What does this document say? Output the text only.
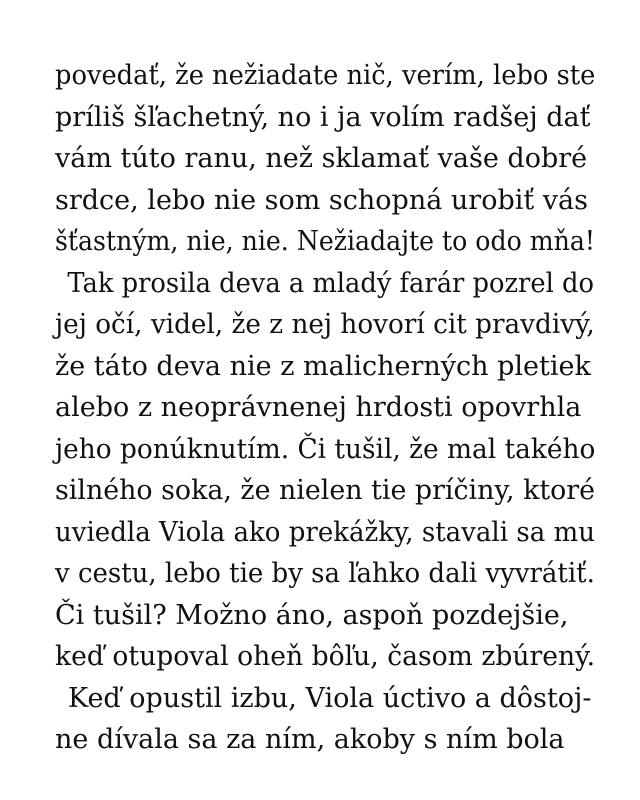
povedať, že nežiadate nič, verím, lebo ste
príliš šľachetný, no i ja volím radšej dať
vám túto ranu, než sklamať vaše dobré
srdce, lebo nie som schopná urobiť vás
šťastným, nie, nie. Nežiadajte to odo mňa!
Tak prosila deva a mladý farár pozrel do
jej očí, videl, že z nej hovorí cit pravdivý,
že táto deva nie z malicherných pletiek
alebo z neoprávnenej hrdosti opovrhla
jeho ponúknutím. Či tušil, že mal takého
silného soka, že nielen tie príčiny, ktoré
uviedla Viola ako prekážky, stavali sa mu
v cestu, lebo tie by sa ľahko dali vyvrátiť.
Či tušil? Možno áno, aspoň pozdejšie,
keď otupoval oheň bôľu, časom zbúrený.
Keď opustil izbu, Viola úctivo a dôstoj-
ne dívala sa za ním, akoby s ním bola
